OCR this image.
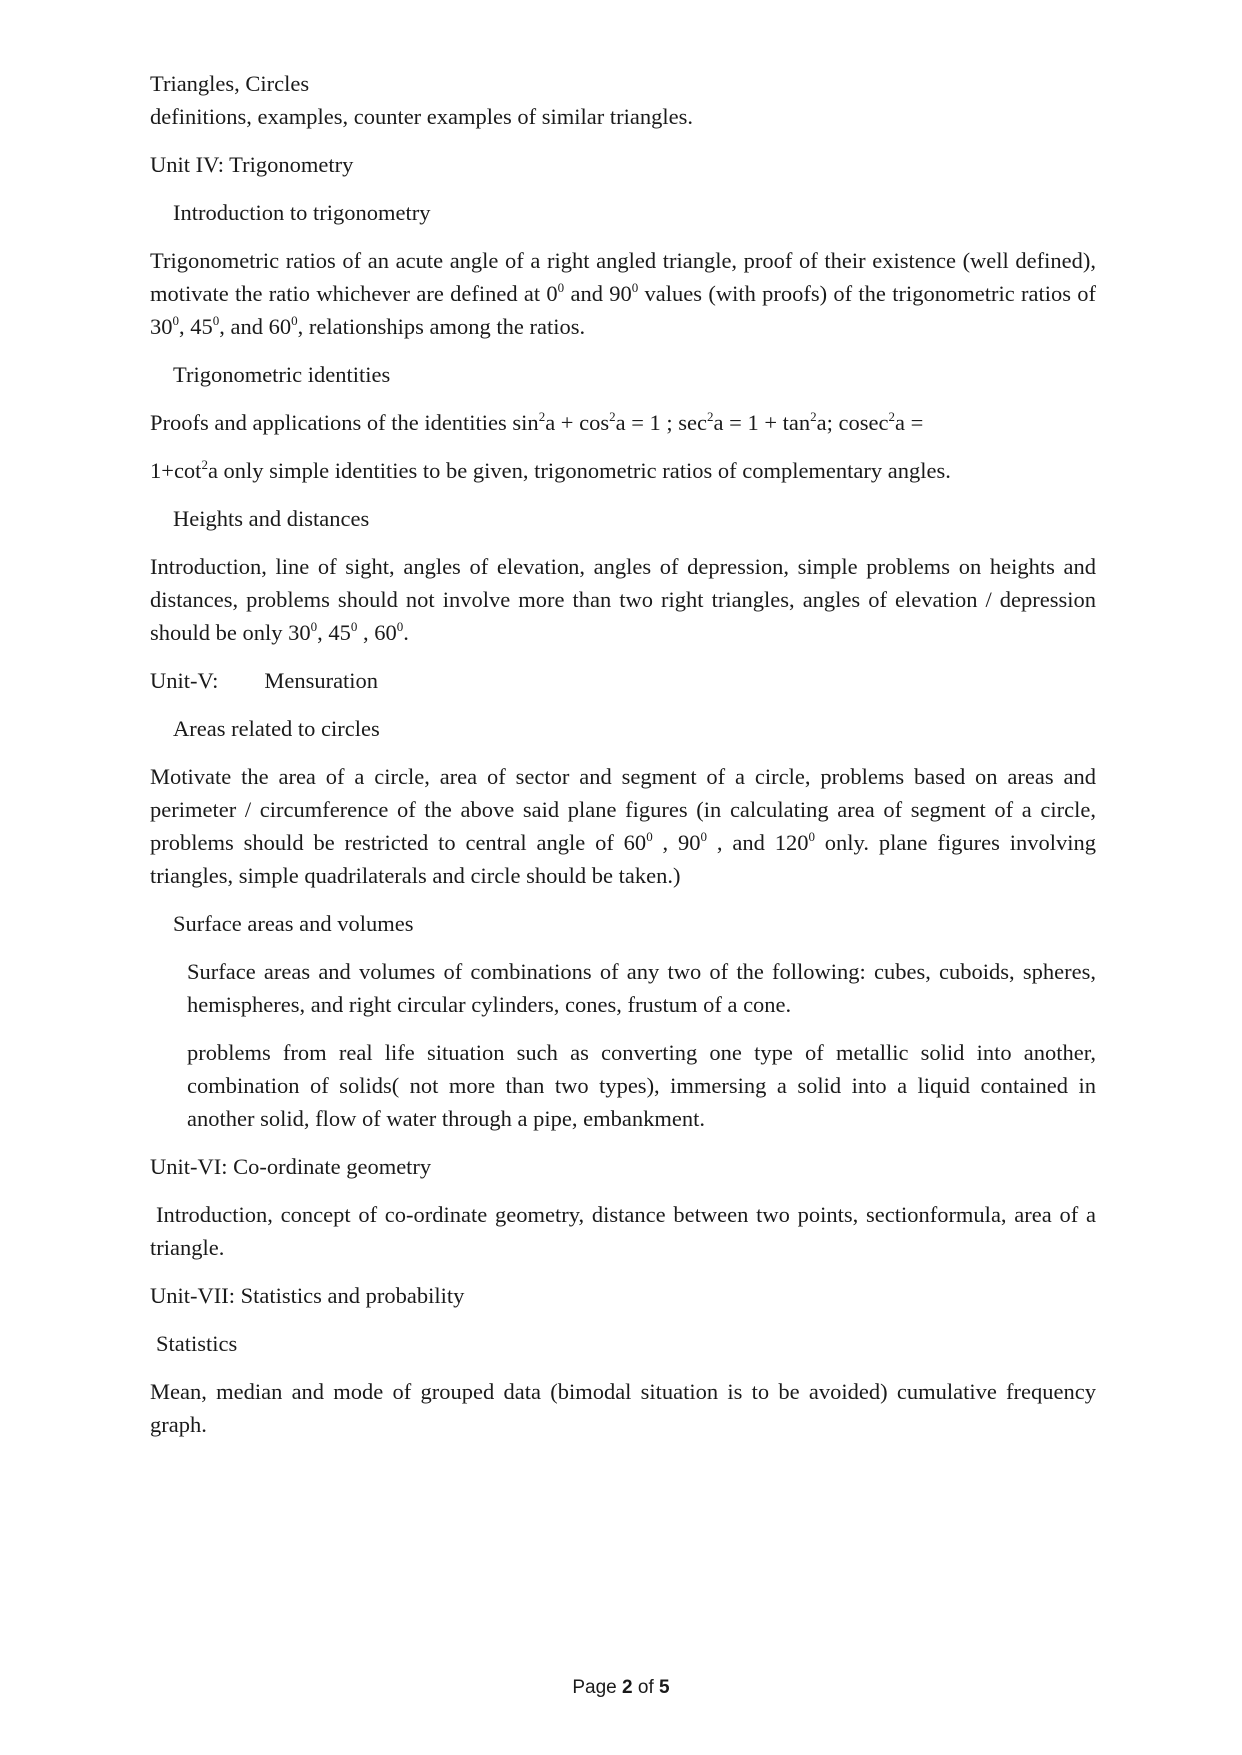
Triangles, Circles

definitions, examples, counter examples of similar triangles.

Unit IV: Trigonometry

Introduction to trigonometry

Trigonometric ratios of an acute angle of a right angled triangle, proof of their existence (well defined), motivate the ratio whichever are defined at $0^0$ and $90^0$ values (with proofs) of the trigonometric ratios of $30^0$, $45^0$, and $60^0$, relationships among the ratios.

Trigonometric identities

Proofs and applications of the identities $\sin^2a + \cos^2a = 1$ ; $\sec^2a = 1 + \tan^2a$; cosec$^2$a =

$1+\cot^2a$ only simple identities to be given, trigonometric ratios of complementary angles.

Heights and distances

Introduction, line of sight, angles of elevation, angles of depression, simple problems on heights and distances, problems should not involve more than two right triangles, angles of elevation / depression should be only $30^0$, $45^0$ , $60^0$.

Unit-V: Mensuration

Areas related to circles

Motivate the area of a circle, area of sector and segment of a circle, problems based on areas and perimeter / circumference of the above said plane figures (in calculating area of segment of a circle, problems should be restricted to central angle of $60^0$ , $90^0$ , and $120^0$ only. plane figures involving triangles, simple quadrilaterals and circle should be taken.)

Surface areas and volumes

Surface areas and volumes of combinations of any two of the following: cubes, cuboids, spheres, hemispheres, and right circular cylinders, cones, frustum of a cone.

problems from real life situation such as converting one type of metallic solid into another, combination of solids( not more than two types), immersing a solid into a liquid contained in another solid, flow of water through a pipe, embankment.

Unit-VI: Co-ordinate geometry

Introduction, concept of co-ordinate geometry, distance between two points, sectionformula, area of a triangle.

Unit-VII: Statistics and probability

Statistics

Mean, median and mode of grouped data (bimodal situation is to be avoided) cumulative frequency graph.

Page 2 of 5
